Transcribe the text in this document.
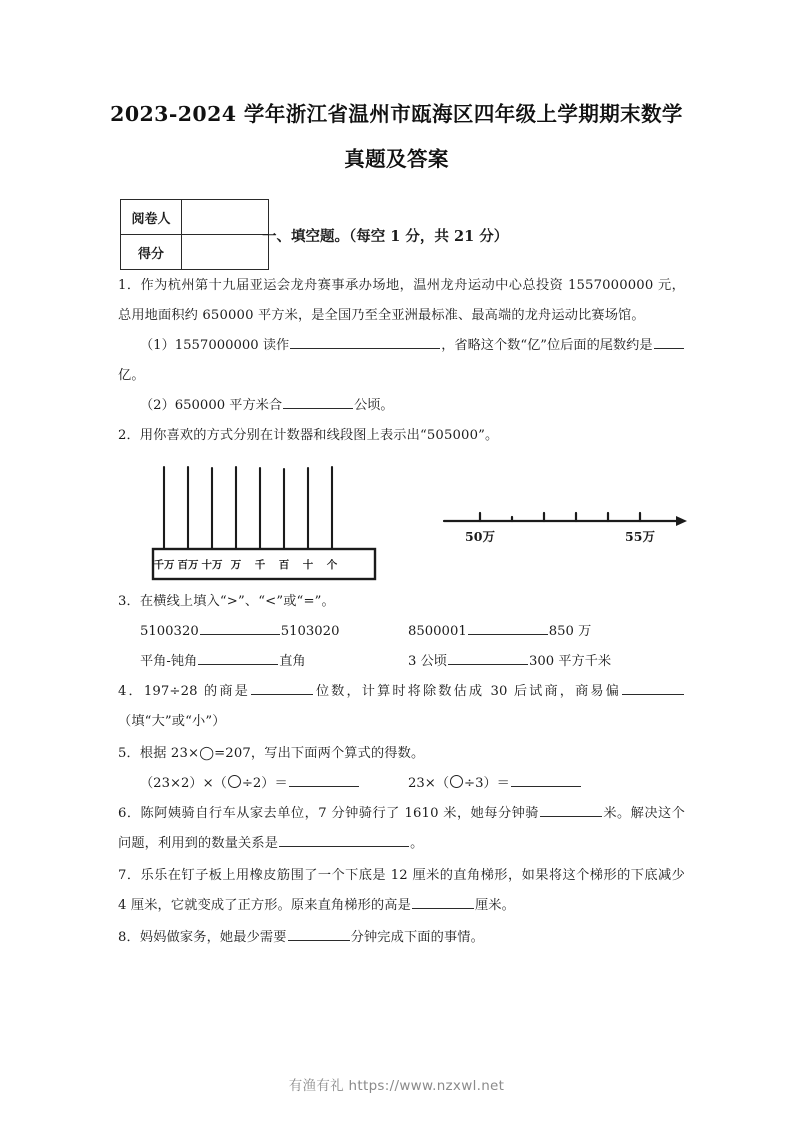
2023-2024 学年浙江省温州市瓯海区四年级上学期期末数学
真题及答案
阅卷人	
得分	
一、填空题。（每空 1 分，共 21 分）

1．作为杭州第十九届亚运会龙舟赛事承办场地，温州龙舟运动中心总投资 1557000000 元，总用地面积约 650000 平方米，是全国乃至全亚洲最标准、最高端的龙舟运动比赛场馆。

（1）1557000000 读作	，省略这个数“亿”位后面的尾数约是

亿。

（2）650000 平方米合	公顷。

2．用你喜欢的方式分别在计数器和线段图上表示出“505000”。

千万 百万 十万 万 千 百 十 个
50万	55万

3．在横线上填入“>”、“<”或“=”。

5100320	5103020	8500001	850 万
平角-钝角	直角	3 公顷	300 平方千米

4．197÷28 的商是	位数，计算时将除数估成 30 后试商，商易偏（填“大”或“小”）

5．根据 23×◯=207，写出下面两个算式的得数。

（23×2）×（ ÷2）＝	23×（ ÷3）＝

6．陈阿姨骑自行车从家去单位，7 分钟骑行了 1610 米，她每分钟骑	米。解决这个问题，利用到的数量关系是	。

7．乐乐在钉子板上用橡皮筋围了一个下底是 12 厘米的直角梯形，如果将这个梯形的下底减少 4 厘米，它就变成了正方形。原来直角梯形的高是	厘米。

8．妈妈做家务，她最少需要	分钟完成下面的事情。

有渔有礼 https://www.nzxwl.net
